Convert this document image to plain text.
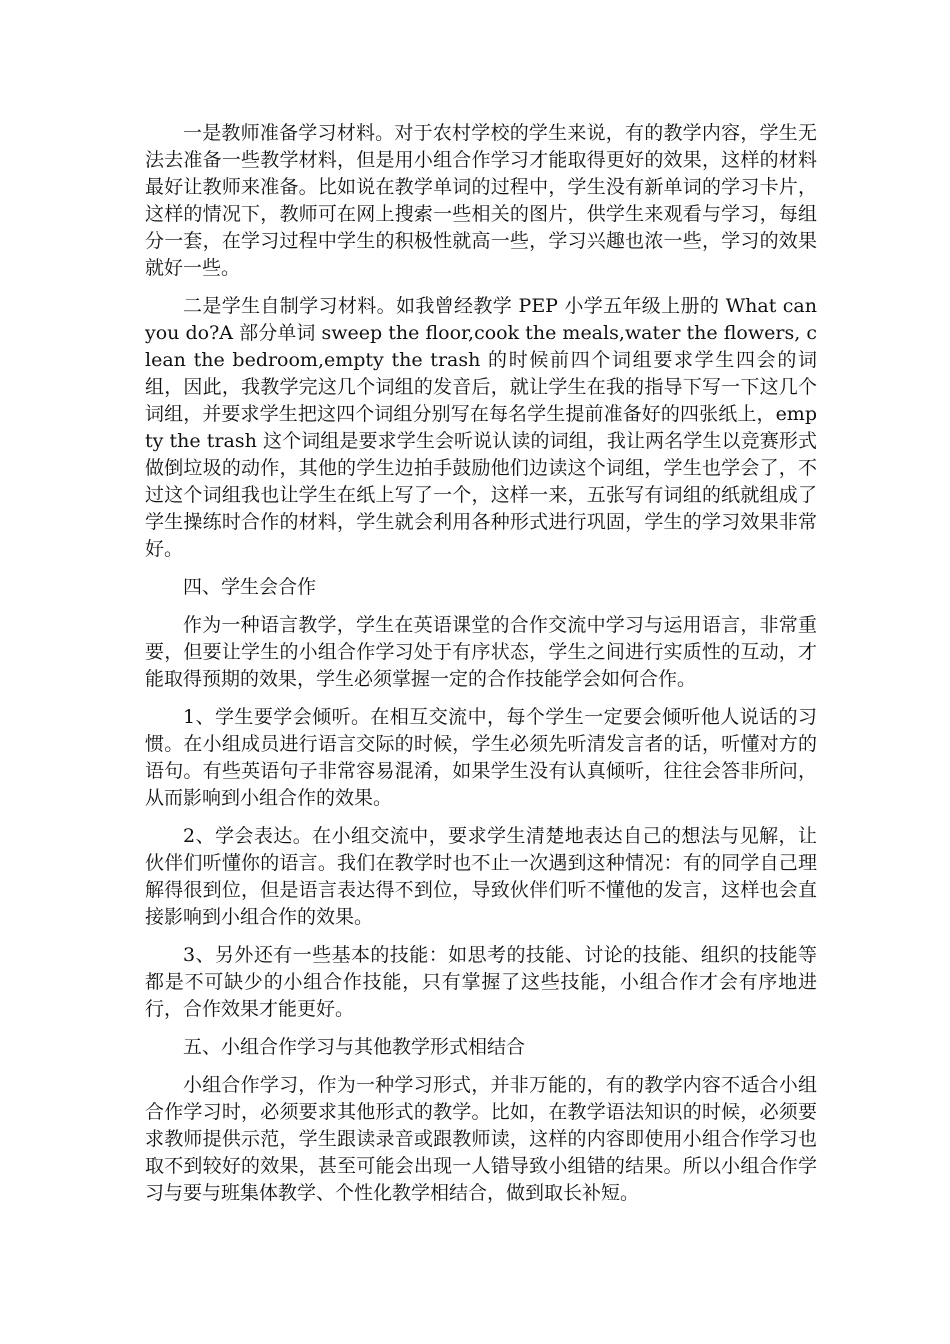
一是教师准备学习材料。对于农村学校的学生来说，有的教学内容，学生无法去准备一些教学材料，但是用小组合作学习才能取得更好的效果，这样的材料最好让教师来准备。比如说在教学单词的过程中，学生没有新单词的学习卡片，这样的情况下，教师可在网上搜索一些相关的图片，供学生来观看与学习，每组分一套，在学习过程中学生的积极性就高一些，学习兴趣也浓一些，学习的效果就好一些。

二是学生自制学习材料。如我曾经教学 PEP 小学五年级上册的 What can you do?A 部分单词 sweep the floor,cook the meals,water the flowers, clean the bedroom,empty the trash 的时候前四个词组要求学生四会的词组，因此，我教学完这几个词组的发音后，就让学生在我的指导下写一下这几个词组，并要求学生把这四个词组分别写在每名学生提前准备好的四张纸上，empty the trash 这个词组是要求学生会听说认读的词组，我让两名学生以竞赛形式做倒垃圾的动作，其他的学生边拍手鼓励他们边读这个词组，学生也学会了，不过这个词组我也让学生在纸上写了一个，这样一来，五张写有词组的纸就组成了学生操练时合作的材料，学生就会利用各种形式进行巩固，学生的学习效果非常好。

四、学生会合作

作为一种语言教学，学生在英语课堂的合作交流中学习与运用语言，非常重要，但要让学生的小组合作学习处于有序状态，学生之间进行实质性的互动，才能取得预期的效果，学生必须掌握一定的合作技能学会如何合作。

1、学生要学会倾听。在相互交流中，每个学生一定要会倾听他人说话的习惯。在小组成员进行语言交际的时候，学生必须先听清发言者的话，听懂对方的语句。有些英语句子非常容易混淆，如果学生没有认真倾听，往往会答非所问，从而影响到小组合作的效果。

2、学会表达。在小组交流中，要求学生清楚地表达自己的想法与见解，让伙伴们听懂你的语言。我们在教学时也不止一次遇到这种情况：有的同学自己理解得很到位，但是语言表达得不到位，导致伙伴们听不懂他的发言，这样也会直接影响到小组合作的效果。

3、另外还有一些基本的技能：如思考的技能、讨论的技能、组织的技能等都是不可缺少的小组合作技能，只有掌握了这些技能，小组合作才会有序地进行，合作效果才能更好。

五、小组合作学习与其他教学形式相结合

小组合作学习，作为一种学习形式，并非万能的，有的教学内容不适合小组合作学习时，必须要求其他形式的教学。比如，在教学语法知识的时候，必须要求教师提供示范，学生跟读录音或跟教师读，这样的内容即使用小组合作学习也取不到较好的效果，甚至可能会出现一人错导致小组错的结果。所以小组合作学习与要与班集体教学、个性化教学相结合，做到取长补短。
